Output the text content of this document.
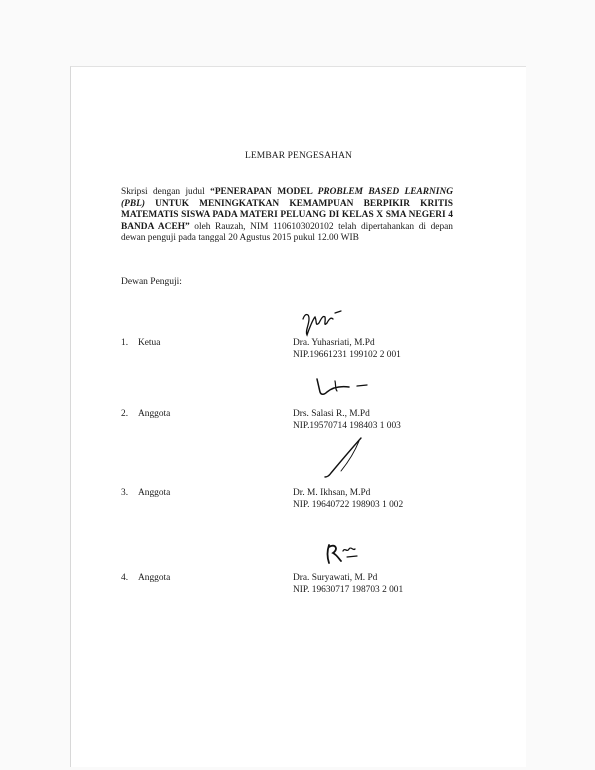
LEMBAR PENGESAHAN
Skripsi dengan judul “PENERAPAN MODEL PROBLEM BASED LEARNING (PBL) UNTUK MENINGKATKAN KEMAMPUAN BERPIKIR KRITIS MATEMATIS SISWA PADA MATERI PELUANG DI KELAS X SMA NEGERI 4 BANDA ACEH” oleh Rauzah, NIM 1106103020102 telah dipertahankan di depan dewan penguji pada tanggal 20 Agustus 2015 pukul 12.00 WIB
Dewan Penguji:
1. Ketua	Dra. Yuhasriati, M.Pd
NIP.19661231 199102 2 001
2. Anggota	Drs. Salasi R., M.Pd
NIP.19570714 198403 1 003
3. Anggota	Dr. M. Ikhsan, M.Pd
NIP. 19640722 198903 1 002
4. Anggota	Dra. Suryawati, M. Pd
NIP. 19630717 198703 2 001
